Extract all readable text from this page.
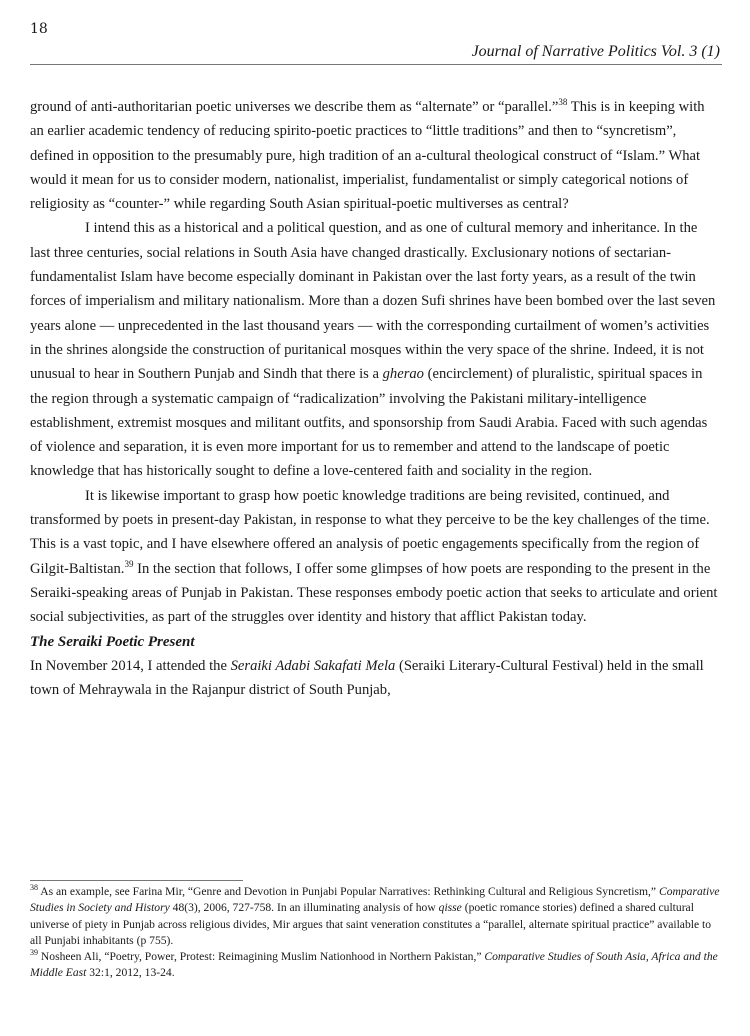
18
Journal of Narrative Politics Vol. 3 (1)

ground of anti-authoritarian poetic universes we describe them as “alternate” or “parallel.”$^{38}$ This is in keeping with an earlier academic tendency of reducing spirito-poetic practices to “little traditions” and then to “syncretism”, defined in opposition to the presumably pure, high tradition of an a-cultural theological construct of “Islam.” What would it mean for us to consider modern, nationalist, imperialist, fundamentalist or simply categorical notions of religiosity as “counter-” while regarding South Asian spiritual-poetic multiverses as central?

I intend this as a historical and a political question, and as one of cultural memory and inheritance. In the last three centuries, social relations in South Asia have changed drastically. Exclusionary notions of sectarian-fundamentalist Islam have become especially dominant in Pakistan over the last forty years, as a result of the twin forces of imperialism and military nationalism. More than a dozen Sufi shrines have been bombed over the last seven years alone — unprecedented in the last thousand years — with the corresponding curtailment of women’s activities in the shrines alongside the construction of puritanical mosques within the very space of the shrine. Indeed, it is not unusual to hear in Southern Punjab and Sindh that there is a gherao (encirclement) of pluralistic, spiritual spaces in the region through a systematic campaign of “radicalization” involving the Pakistani military-intelligence establishment, extremist mosques and militant outfits, and sponsorship from Saudi Arabia. Faced with such agendas of violence and separation, it is even more important for us to remember and attend to the landscape of poetic knowledge that has historically sought to define a love-centered faith and sociality in the region.

It is likewise important to grasp how poetic knowledge traditions are being revisited, continued, and transformed by poets in present-day Pakistan, in response to what they perceive to be the key challenges of the time. This is a vast topic, and I have elsewhere offered an analysis of poetic engagements specifically from the region of Gilgit-Baltistan.$^{39}$ In the section that follows, I offer some glimpses of how poets are responding to the present in the Seraiki-speaking areas of Punjab in Pakistan. These responses embody poetic action that seeks to articulate and orient social subjectivities, as part of the struggles over identity and history that afflict Pakistan today.

The Seraiki Poetic Present

In November 2014, I attended the Seraiki Adabi Sakafati Mela (Seraiki Literary-Cultural Festival) held in the small town of Mehraywala in the Rajanpur district of South Punjab,

$^{38}$ As an example, see Farina Mir, “Genre and Devotion in Punjabi Popular Narratives: Rethinking Cultural and Religious Syncretism,” Comparative Studies in Society and History 48(3), 2006, 727-758. In an illuminating analysis of how qisse (poetic romance stories) defined a shared cultural universe of piety in Punjab across religious divides, Mir argues that saint veneration constitutes a “parallel, alternate spiritual practice” available to all Punjabi inhabitants (p 755).

$^{39}$ Nosheen Ali, “Poetry, Power, Protest: Reimagining Muslim Nationhood in Northern Pakistan,” Comparative Studies of South Asia, Africa and the Middle East 32:1, 2012, 13-24.
